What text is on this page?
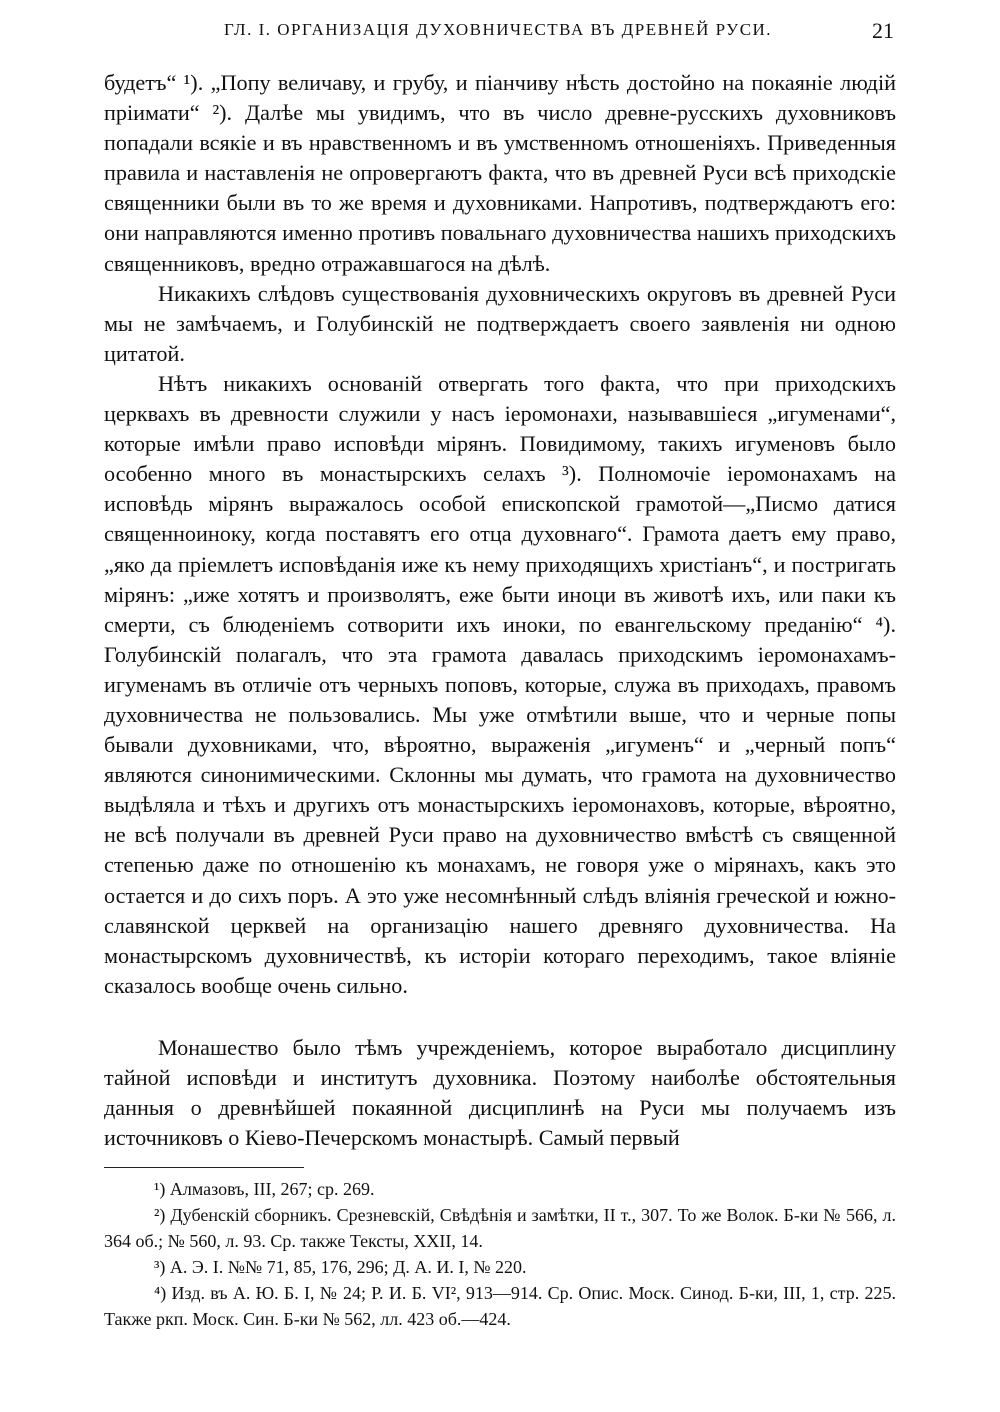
ГЛ. I. ОРГАНИЗАЦІЯ ДУХОВНИЧЕСТВА ВЪ ДРЕВНЕЙ РУСИ.	21

будетъ“ ¹). „Попу величаву, и грубу, и піанчиву нѣсть достойно на покаяніе людій пріимати“ ²). Далѣе мы увидимъ, что въ число древне-русскихъ духовниковъ попадали всякіе и въ нравственномъ и въ умственномъ отношеніяхъ. Приведенныя правила и наставленія не опровергаютъ факта, что въ древней Руси всѣ приходскіе священники были въ то же время и духовниками. Напротивъ, подтверждаютъ его: они направляются именно противъ повальнаго духовничества нашихъ приходскихъ священниковъ, вредно отражавшагося на дѣлѣ.

Никакихъ слѣдовъ существованія духовническихъ округовъ въ древней Руси мы не замѣчаемъ, и Голубинскій не подтверждаетъ своего заявленія ни одною цитатой.

Нѣтъ никакихъ основаній отвергать того факта, что при приходскихъ церквахъ въ древности служили у насъ іеромонахи, называвшіеся „игуменами“, которые имѣли право исповѣди мірянъ. Повидимому, такихъ игуменовъ было особенно много въ монастырскихъ селахъ ³). Полномочіе іеромонахамъ на исповѣдь мірянъ выражалось особой епископской грамотой—„Писмо датися священноиноку, когда поставятъ его отца духовнаго“. Грамота даетъ ему право, „яко да пріемлетъ исповѣданія иже къ нему приходящихъ христіанъ“, и постригать мірянъ: „иже хотятъ и произволятъ, еже быти иноци въ животѣ ихъ, или паки къ смерти, съ блюденіемъ сотворити ихъ иноки, по евангельскому преданію“ ⁴). Голубинскій полагалъ, что эта грамота давалась приходскимъ іеромонахамъ-игуменамъ въ отличіе отъ черныхъ поповъ, которые, служа въ приходахъ, правомъ духовничества не пользовались. Мы уже отмѣтили выше, что и черные попы бывали духовниками, что, вѣроятно, выраженія „игуменъ“ и „черный попъ“ являются синонимическими. Склонны мы думать, что грамота на духовничество выдѣляла и тѣхъ и другихъ отъ монастырскихъ іеромонаховъ, которые, вѣроятно, не всѣ получали въ древней Руси право на духовничество вмѣстѣ съ священной степенью даже по отношенію къ монахамъ, не говоря уже о мірянахъ, какъ это остается и до сихъ поръ. А это уже несомнѣнный слѣдъ вліянія греческой и южно-славянской церквей на организацію нашего древняго духовничества. На монастырскомъ духовничествѣ, къ исторіи котораго переходимъ, такое вліяніе сказалось вообще очень сильно.

Монашество было тѣмъ учрежденіемъ, которое выработало дисциплину тайной исповѣди и институтъ духовника. Поэтому наиболѣе обстоятельныя данныя о древнѣйшей покаянной дисциплинѣ на Руси мы получаемъ изъ источниковъ о Кіево-Печерскомъ монастырѣ. Самый первый

¹) Алмазовъ, III, 267; ср. 269.

²) Дубенскій сборникъ. Срезневскій, Свѣдѣнія и замѣтки, II т., 307. То же Волок. Б-ки № 566, л. 364 об.; № 560, л. 93. Ср. также Тексты, XXII, 14.

³) А. Э. I. №№ 71, 85, 176, 296; Д. А. И. I, № 220.

⁴) Изд. въ А. Ю. Б. I, № 24; Р. И. Б. VI², 913—914. Ср. Опис. Моск. Синод. Б-ки, III, 1, стр. 225. Также ркп. Моск. Син. Б-ки № 562, лл. 423 об.—424.
